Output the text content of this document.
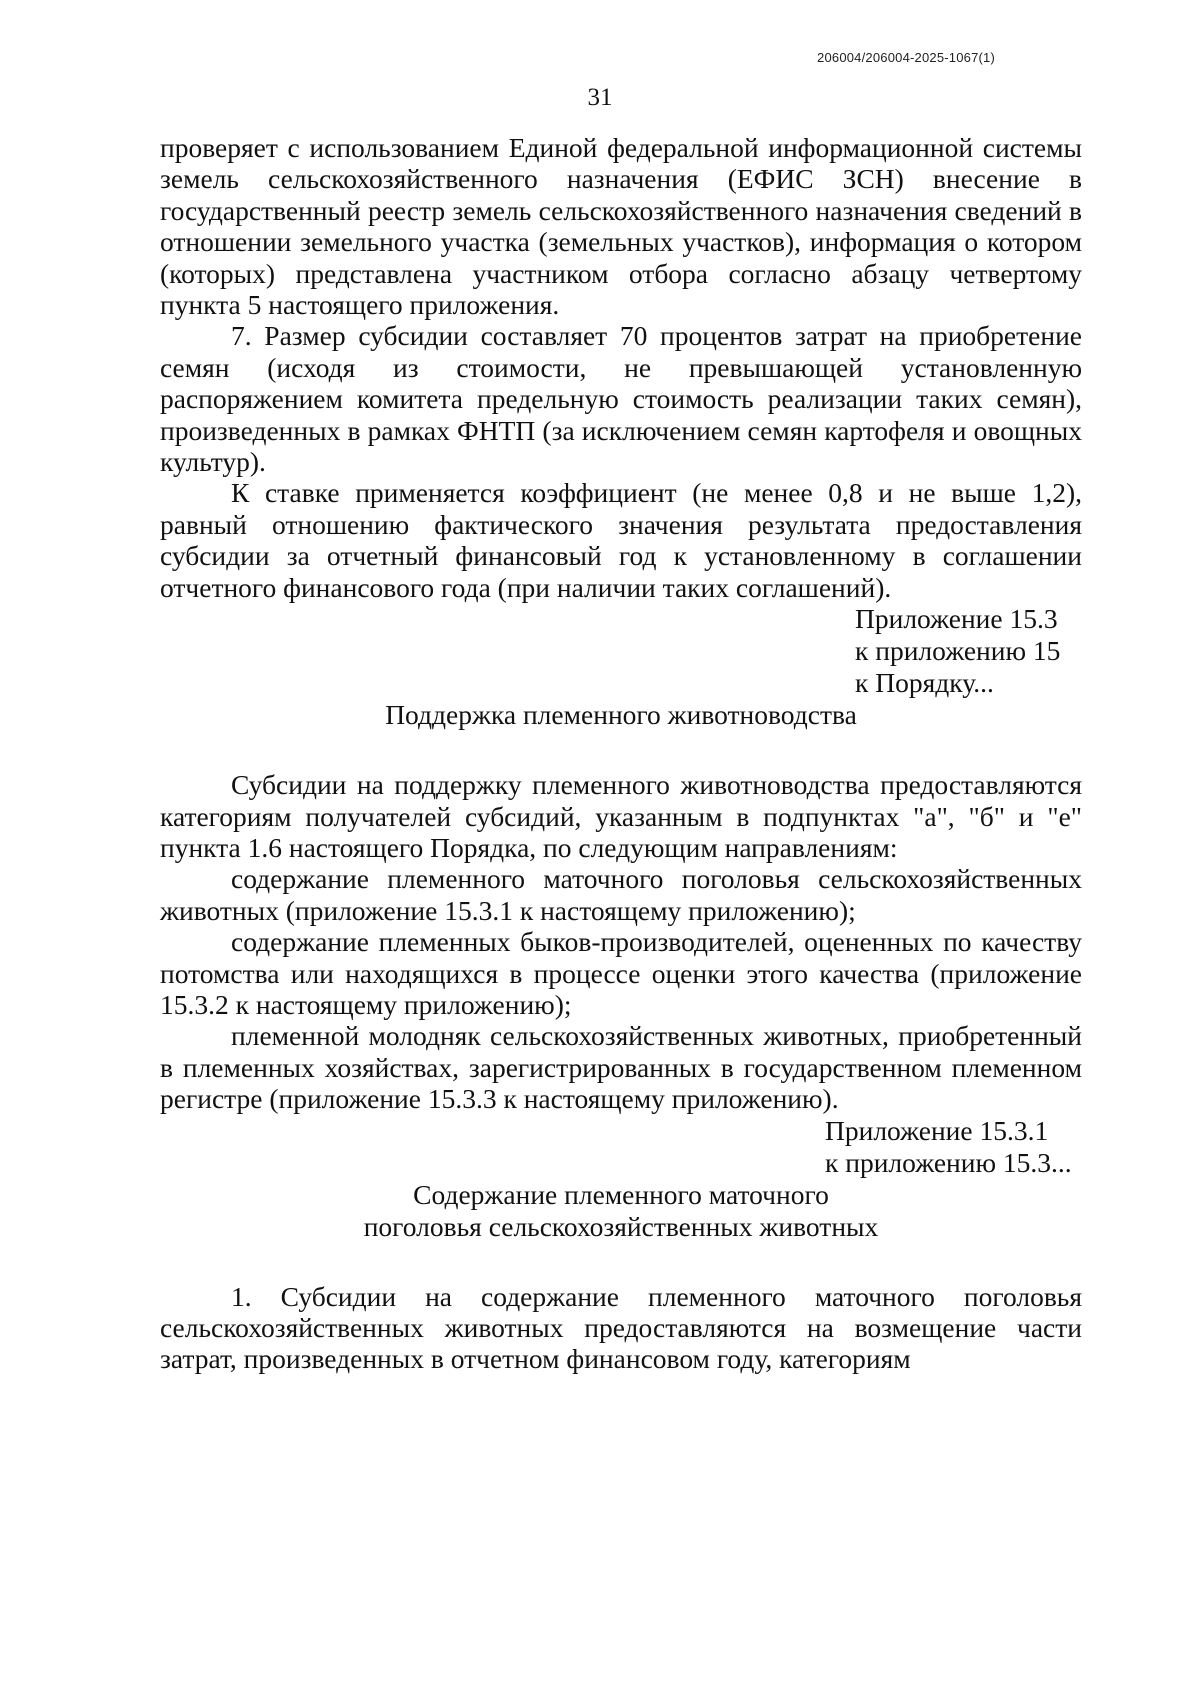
206004/206004-2025-1067(1)
31

проверяет с использованием Единой федеральной информационной системы земель сельскохозяйственного назначения (ЕФИС ЗСН) внесение в государственный реестр земель сельскохозяйственного назначения сведений в отношении земельного участка (земельных участков), информация о котором (которых) представлена участником отбора согласно абзацу четвертому пункта 5 настоящего приложения.

7. Размер субсидии составляет 70 процентов затрат на приобретение семян (исходя из стоимости, не превышающей установленную распоряжением комитета предельную стоимость реализации таких семян), произведенных в рамках ФНТП (за исключением семян картофеля и овощных культур).

К ставке применяется коэффициент (не менее 0,8 и не выше 1,2), равный отношению фактического значения результата предоставления субсидии за отчетный финансовый год к установленному в соглашении отчетного финансового года (при наличии таких соглашений).

Приложение 15.3
к приложению 15
к Порядку...
Поддержка племенного животноводства

Субсидии на поддержку племенного животноводства предоставляются категориям получателей субсидий, указанным в подпунктах "а", "б" и "е" пункта 1.6 настоящего Порядка, по следующим направлениям:

содержание племенного маточного поголовья сельскохозяйственных животных (приложение 15.3.1 к настоящему приложению);

содержание племенных быков-производителей, оцененных по качеству потомства или находящихся в процессе оценки этого качества (приложение 15.3.2 к настоящему приложению);

племенной молодняк сельскохозяйственных животных, приобретенный в племенных хозяйствах, зарегистрированных в государственном племенном регистре (приложение 15.3.3 к настоящему приложению).

Приложение 15.3.1
к приложению 15.3...
Содержание племенного маточного
поголовья сельскохозяйственных животных

1. Субсидии на содержание племенного маточного поголовья сельскохозяйственных животных предоставляются на возмещение части затрат, произведенных в отчетном финансовом году, категориям
